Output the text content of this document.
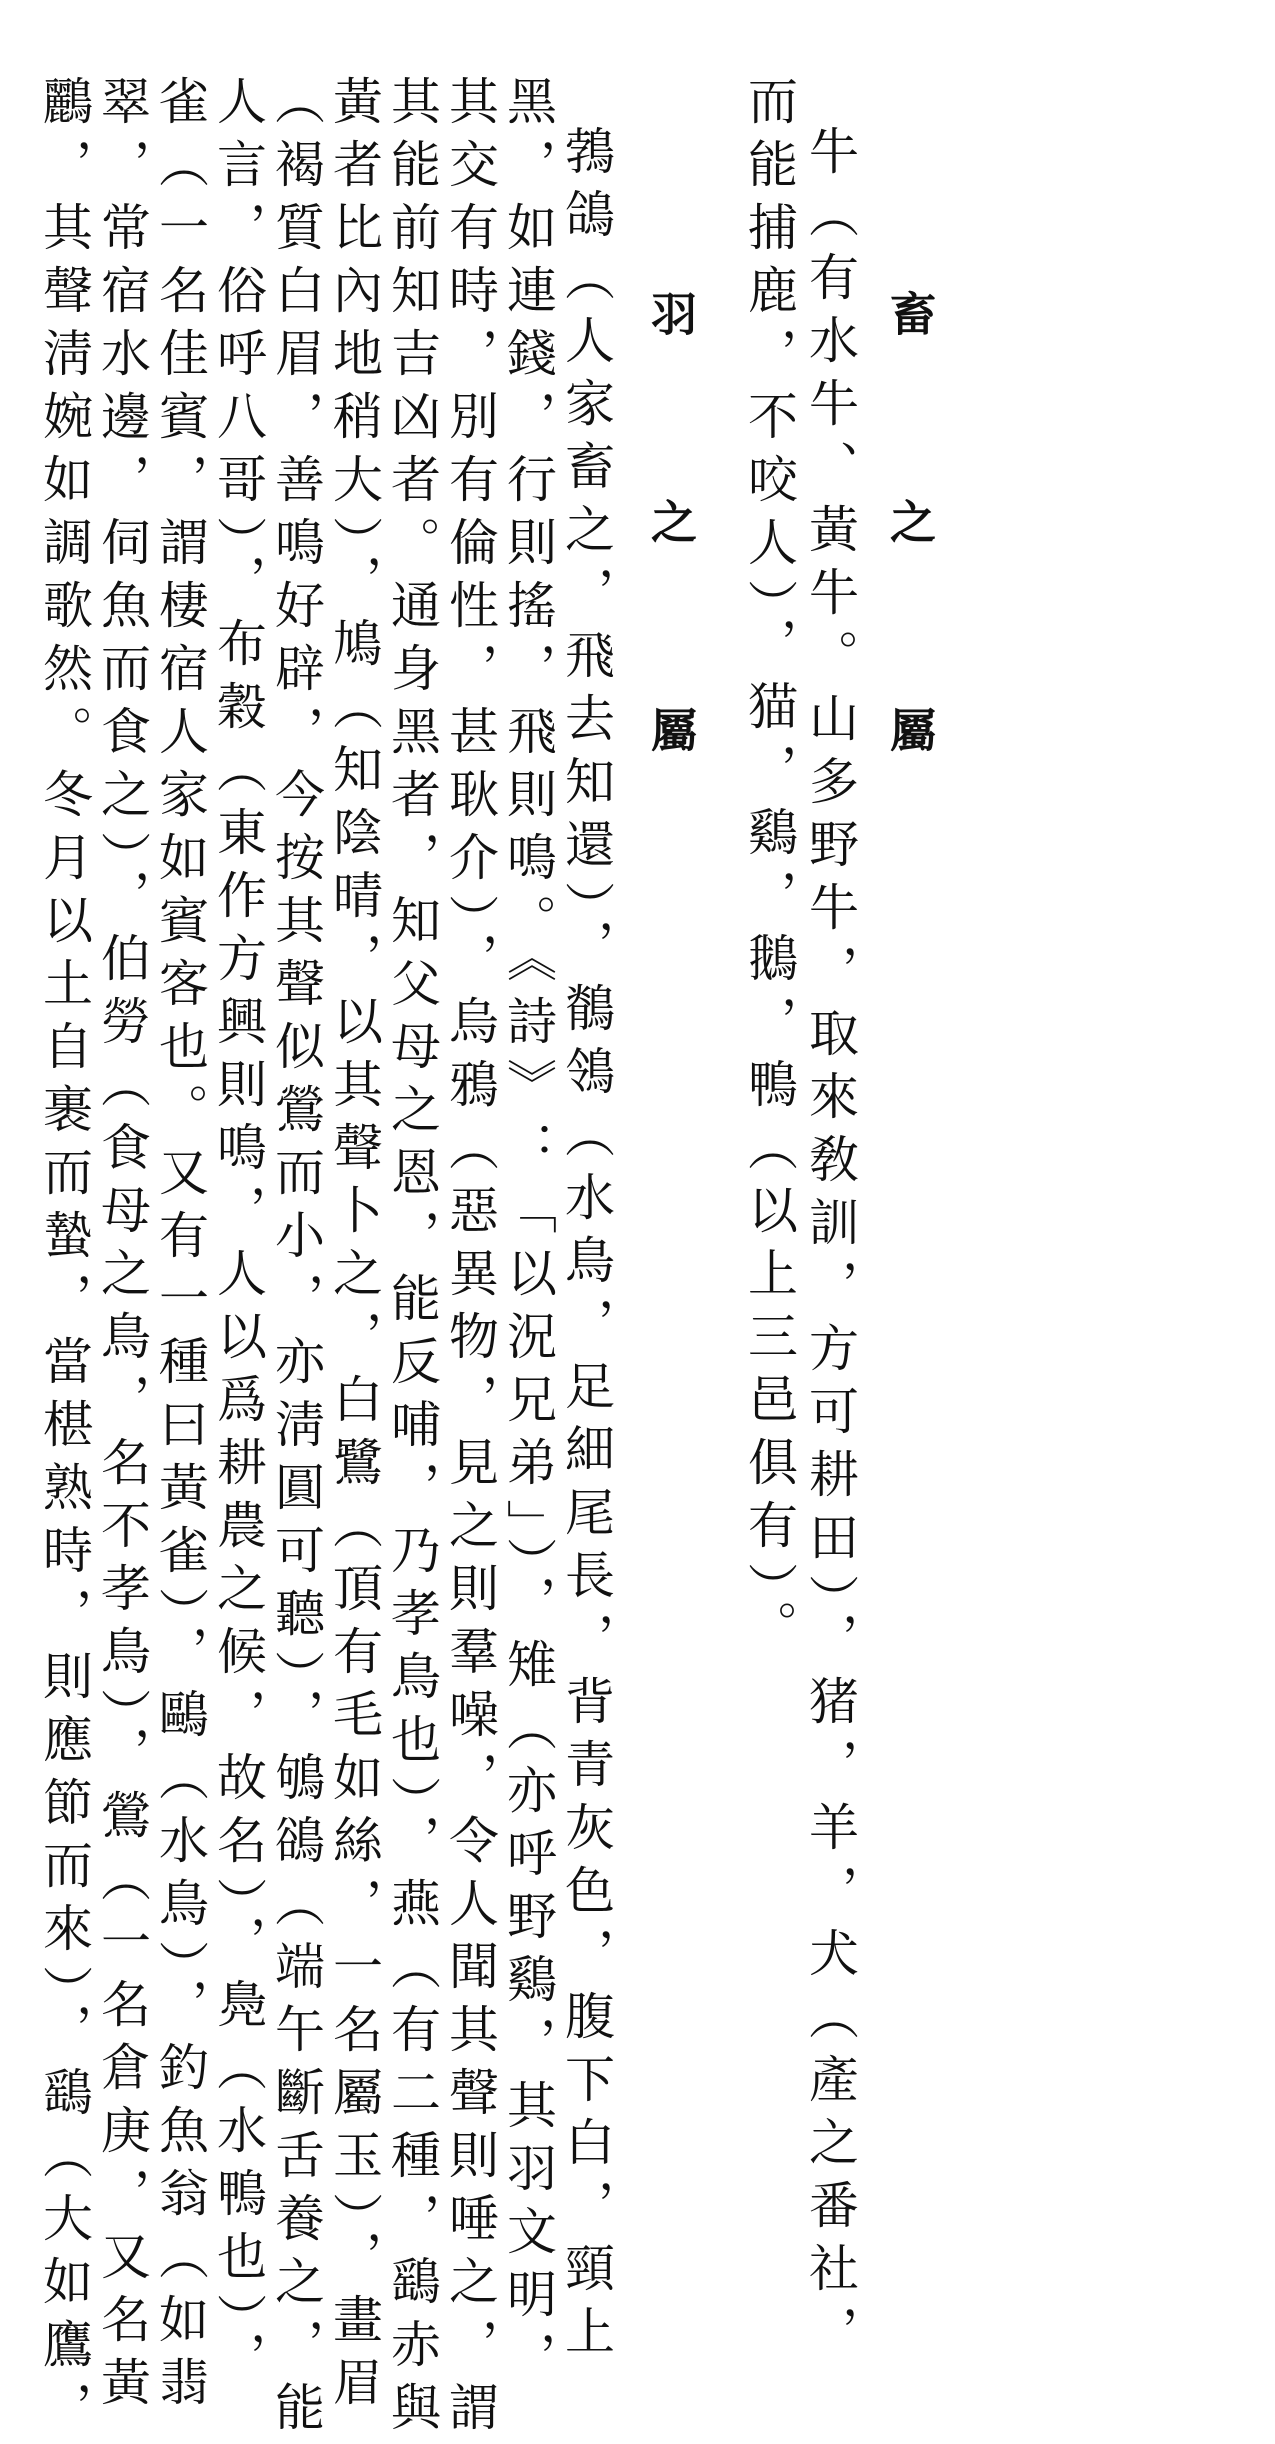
畜　之　屬
牛（有水牛、黃牛。山多野牛，取來敎訓，方可耕田），猪，羊，犬（產之番社，
而能捕鹿，不咬人），猫，鷄，鵝，鴨（以上三邑俱有）。
羽　之　屬
鵓鴿（人家畜之，飛去知還），鶺鴒（水鳥，足細尾長，背青灰色，腹下白，頸上
黑，如連錢，行則搖，飛則鳴。《詩》：「以況兄弟」），雉（亦呼野鷄，其羽文明，
其交有時，別有倫性，甚耿介），烏鴉（惡異物，見之則羣噪，令人聞其聲則唾之，謂
其能前知吉凶者。通身黑者，知父母之恩，能反哺，乃孝鳥也），燕（有二種，鷂赤與
黃者比內地稍大），鳩（知陰晴，以其聲卜之，白鷺（頂有毛如絲，一名屬玉），畫眉
（褐質白眉，善鳴好辟，今按其聲似鶯而小，亦淸圓可聽），鴝鵒（端午斷舌養之，能
人言，俗呼八哥），布穀（東作方興則鳴，人以爲耕農之候，故名），鳧（水鴨也），
雀（一名佳賓，謂棲宿人家如賓客也。又有一種曰黃雀），鷗（水鳥），釣魚翁（如翡
翠，常宿水邊，伺魚而食之），伯勞（食母之鳥，名不孝鳥），鶯（一名倉庚，又名黃
鸝，其聲淸婉如調歌然。冬月以土自裹而蟄，當椹熟時，則應節而來），鷂（大如鷹，
